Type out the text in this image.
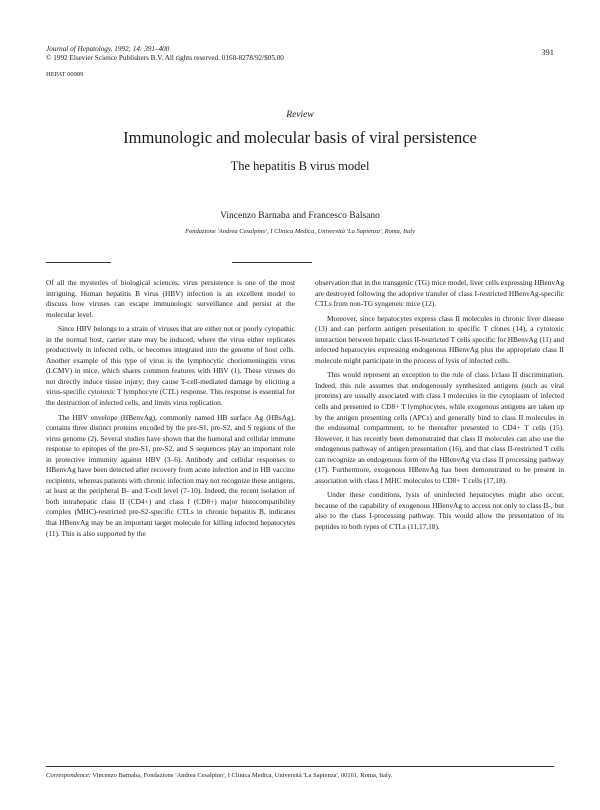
Journal of Hepatology, 1992; 14: 391–400
© 1992 Elsevier Science Publishers B.V. All rights reserved. 0168-8278/92/$05.00
HEPAT 00989
391
Review
Immunologic and molecular basis of viral persistence
The hepatitis B virus model
Vincenzo Barnaba and Francesco Balsano
Fondazione 'Andrea Cesalpino', I Clinica Medica, Università 'La Sapienza', Roma, Italy

Of all the mysteries of biological sciences, virus persistence is one of the most intriguing. Human hepatitis B virus (HBV) infection is an excellent model to discuss how viruses can escape immunologic surveillance and persist at the molecular level.

Since HBV belongs to a strain of viruses that are either not or poorly cytopathic in the normal host, carrier state may be induced, where the virus either replicates productively in infected cells, or becomes integrated into the genome of host cells. Another example of this type of virus is the lymphocytic choriomeningitis virus (LCMV) in mice, which shares common features with HBV (1). These viruses do not directly induce tissue injury; they cause T-cell-mediated damage by eliciting a virus-specific cytotoxic T lymphocyte (CTL) response. This response is essential for the destruction of infected cells, and limits virus replication.

The HBV envelope (HBenvAg), commonly named HB surface Ag (HBsAg), contains three distinct proteins encoded by the pre-S1, pre-S2, and S regions of the virus genome (2). Several studies have shown that the humoral and cellular immune response to epitopes of the pre-S1, pre-S2, and S sequences play an important role in protective immunity against HBV (3–6). Antibody and cellular responses to HBenvAg have been detected after recovery from acute infection and in HB vaccine recipients, whereas patients with chronic infection may not recognize these antigens, at least at the peripheral B- and T-cell level (7–10). Indeed, the recent isolation of both intrahepatic class II (CD4+) and class I (CD8+) major histocompatibility complex (MHC)-restricted pre-S2-specific CTLs in chronic hepatitis B, indicates that HBenvAg may be an important target molecule for killing infected hepatocytes (11). This is also supported by the

observation that in the transgenic (TG) mice model, liver cells expressing HBenvAg are destroyed following the adoptive transfer of class I-restricted HBenvAg-specific CTLs from non-TG syngeneic mice (12).

Moreover, since hepatocytes express class II molecules in chronic liver disease (13) and can perform antigen presentation to specific T clones (14), a cytotoxic interaction between hepatic class II-restricted T cells specific for HBenvAg (11) and infected hepatocytes expressing endogenous HBenvAg plus the appropriate class II molecule might participate in the process of lysis of infected cells.

This would represent an exception to the rule of class I/class II discrimination. Indeed, this rule assumes that endogenously synthesized antigens (such as viral proteins) are usually associated with class I molecules in the cytoplasm of infected cells and presented to CD8+ T lymphocytes, while exogenous antigens are taken up by the antigen presenting cells (APCs) and generally bind to class II molecules in the endosomal compartment, to be thereafter presented to CD4+ T cells (15). However, it has recently been demonstrated that class II molecules can also use the endogenous pathway of antigen presentation (16), and that class II-restricted T cells can recognize an endogenous form of the HBenvAg via class II processing pathway (17). Furthermore, exogenous HBenvAg has been demonstrated to be present in association with class I MHC molecules to CD8+ T cells (17,18).

Under these conditions, lysis of uninfected hepatocytes might also occur, because of the capability of exogenous HBenvAg to access not only to class II-, but also to the class I-processing pathway. This would allow the presentation of its peptides to both types of CTLs (11,17,18).

Correspondence: Vincenzo Barnaba, Fondazione 'Andrea Cesalpino', I Clinica Medica, Università 'La Sapienza', 00161, Roma, Italy.
